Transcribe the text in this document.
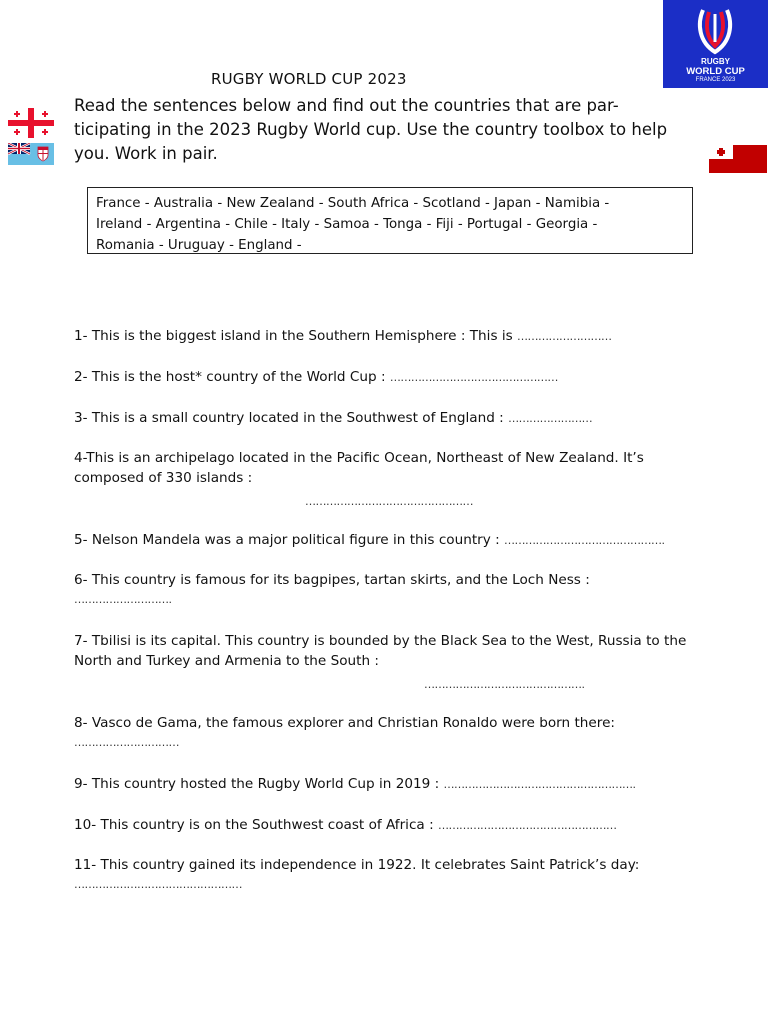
RUGBY
WORLD CUP
FRANCE 2023
RUGBY WORLD CUP 2023
Read the sentences below and find out the countries that are par-ticipating in the 2023 Rugby World cup. Use the country toolbox to help you. Work in pair.
France - Australia - New Zealand - South Africa - Scotland - Japan - Namibia -
Ireland - Argentina - Chile - Italy - Samoa - Tonga - Fiji - Portugal - Georgia -
Romania - Uruguay - England -
1- This is the biggest island in the Southern Hemisphere : This is ………………………
2- This is the host* country of the World Cup : …………………………………………
3- This is a small country located in the Southwest of England : ……………………
4-This is an archipelago located in the Pacific Ocean, Northeast of New Zealand. It’s composed of 330 islands :
…………………………………………
5- Nelson Mandela was a major political figure in this country : ……………………………………….
6- This country is famous for its bagpipes, tartan skirts, and the Loch Ness :
……………………….
7- Tbilisi is its capital. This country is bounded by the Black Sea to the West, Russia to the North and Turkey and Armenia to the South :
……………………………………….
8- Vasco de Gama, the famous explorer and Christian Ronaldo were born there:
…………………………
9- This country hosted the Rugby World Cup in 2019 : ……………………………………………….
10- This country is on the Southwest coast of Africa : ……………………………………………
11- This country gained its independence in 1922. It celebrates Saint Patrick’s day:
…………………………………………
